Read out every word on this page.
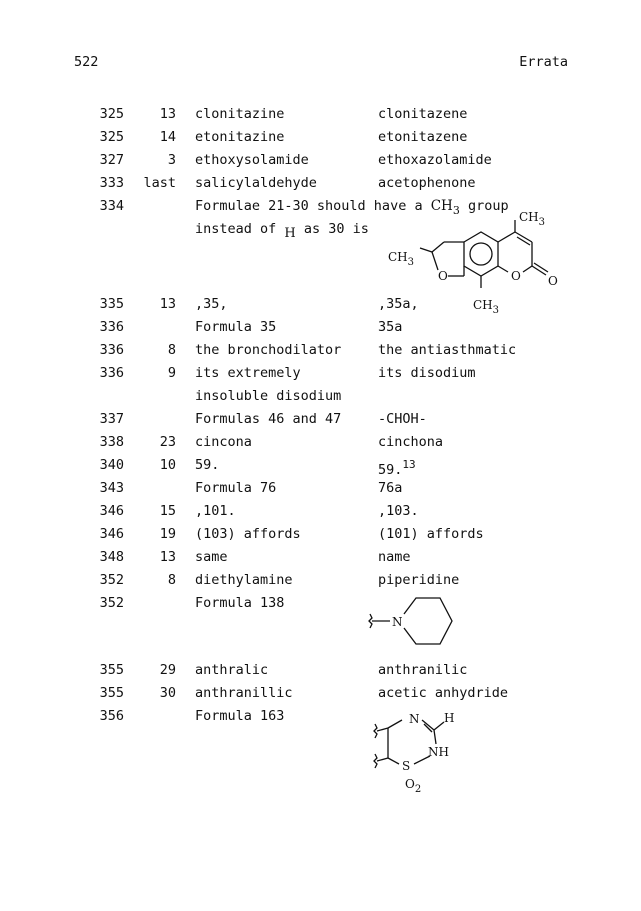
522	Errata
325	13 clonitazine	clonitazene
325	14 etonitazine	etonitazene
327	3 ethoxysolamide	ethoxazolamide
333	last salicylaldehyde	acetophenone
334	Formulae 21-30 should have a $CH_3$ group
instead of H as 30 is
$CH_3$
$CH_3$
$CH_3$
O	O O
335	13 ,35,	,35a,
336	Formula 35	35a
336	8 the bronchodilator	the antiasthmatic
336	9 its extremely	its disodium
insoluble disodium
337	Formulas 46 and 47	-CHOH-
338	23 cincona	cinchona
340	10 59.	59.13
343	Formula 76	76a
346	15 ,101.	,103.
346	19 (103) affords	(101) affords
348	13 same	name
352	8 diethylamine	piperidine
352	Formula 138
N
355	29 anthralic	anthranilic
355	30 anthranillic	acetic anhydride
356	Formula 163	N H
NH
S
$O_2$
